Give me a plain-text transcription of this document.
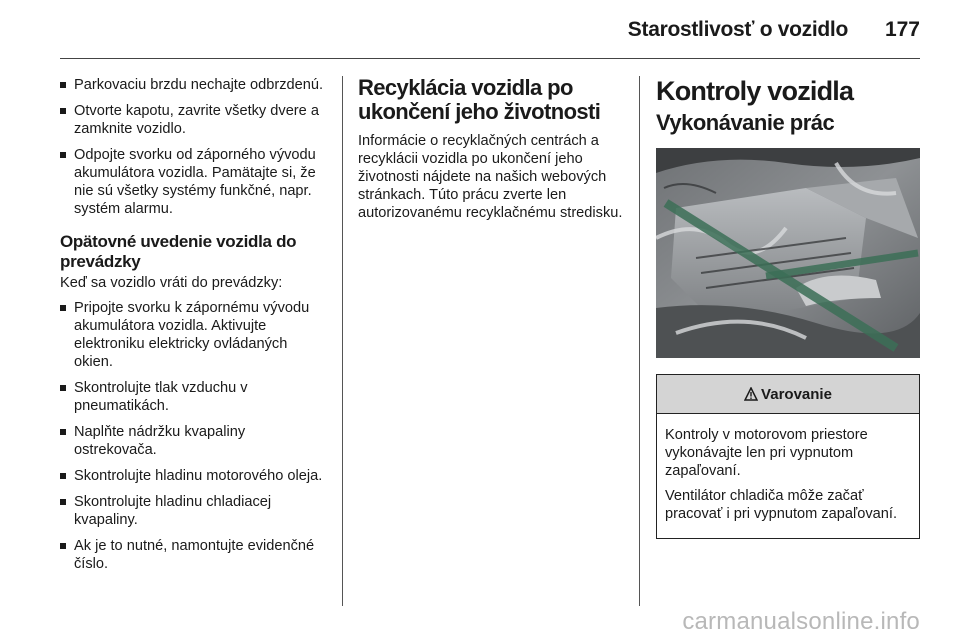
Starostlivosť o vozidlo 177
Parkovaciu brzdu nechajte odbrzdenú.
Otvorte kapotu, zavrite všetky dvere a zamknite vozidlo.
Odpojte svorku od záporného vývodu akumulátora vozidla. Pamätajte si, že nie sú všetky systémy funkčné, napr. systém alarmu.
Opätovné uvedenie vozidla do prevádzky

Keď sa vozidlo vráti do prevádzky:

Pripojte svorku k zápornému vývodu akumulátora vozidla. Aktivujte elektroniku elektricky ovládaných okien.
Skontrolujte tlak vzduchu v pneumatikách.
Naplňte nádržku kvapaliny ostrekovača.
Skontrolujte hladinu motorového oleja.
Skontrolujte hladinu chladiacej kvapaliny.
Ak je to nutné, namontujte evidenčné číslo.
Recyklácia vozidla po ukončení jeho životnosti

Informácie o recyklačných centrách a recyklácii vozidla po ukončení jeho životnosti nájdete na našich webových stránkach. Túto prácu zverte len autorizovanému recyklačnému stredisku.

Kontroly vozidla
Vykonávanie prác
Varovanie

Kontroly v motorovom priestore vykonávajte len pri vypnutom zapaľovaní.

Ventilátor chladiča môže začať pracovať i pri vypnutom zapaľovaní.

carmanualsonline.info
